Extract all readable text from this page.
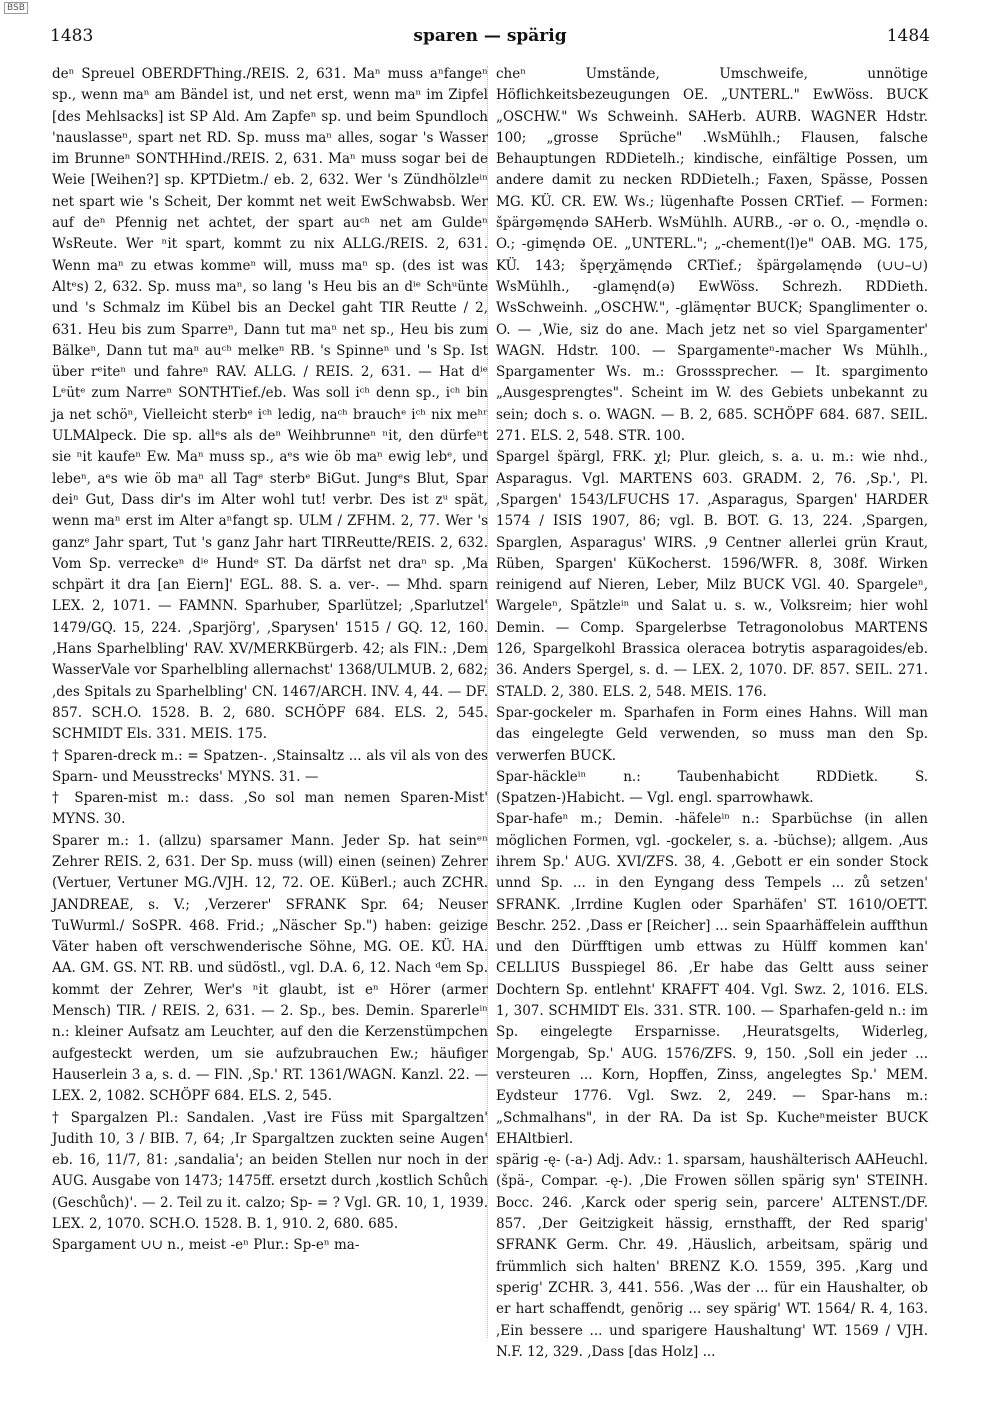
BSB
1483	sparen — spärig	1484

deⁿ Spreuel OBERDFThing./REIS. 2, 631. Maⁿ muss aⁿfangeⁿ sp., wenn maⁿ am Bändel ist, und net erst, wenn maⁿ im Zipfel [des Mehlsacks] ist SP Ald. Am Zapfeⁿ sp. und beim Spundloch 'nauslasseⁿ, spart net RD. Sp. muss maⁿ alles, sogar 's Wasser im Brunneⁿ SONTHHind./REIS. 2, 631. Maⁿ muss sogar bei de Weie [Weihen?] sp. KPTDietm./ eb. 2, 632. Wer 's Zündhölzleⁱⁿ net spart wie 's Scheit, Der kommt net weit EwSchwabsb. Wer auf deⁿ Pfennig net achtet, der spart auᶜʰ net am Guldeⁿ WsReute. Wer ⁿit spart, kommt zu nix ALLG./REIS. 2, 631. Wenn maⁿ zu etwas kommeⁿ will, muss maⁿ sp. (des ist was Altᵉs) 2, 632. Sp. muss maⁿ, so lang 's Heu bis an dⁱᵉ Schᵘünte und 's Schmalz im Kübel bis an Deckel gaht TIR Reutte / 2, 631. Heu bis zum Sparreⁿ, Dann tut maⁿ net sp., Heu bis zum Bälkeⁿ, Dann tut maⁿ auᶜʰ melkeⁿ RB. 's Spinneⁿ und 's Sp. Ist über rᵉiteⁿ und fahreⁿ RAV. ALLG. / REIS. 2, 631. — Hat dⁱᵉ Lᵉütᵉ zum Narreⁿ SONTHTief./eb. Was soll iᶜʰ denn sp., iᶜʰ bin ja net schöⁿ, Vielleicht sterbᵉ iᶜʰ ledig, naᶜʰ brauchᵉ iᶜʰ nix meʰʳ ULMAlpeck. Die sp. allᵉs als deⁿ Weihbrunneⁿ ⁿit, den dürfeⁿt sie ⁿit kaufeⁿ Ew. Maⁿ muss sp., aᵉs wie öb maⁿ ewig lebᵉ, und lebeⁿ, aᵉs wie öb maⁿ all Tagᵉ sterbᵉ BiGut. Jungᵉs Blut, Spar deiⁿ Gut, Dass dir's im Alter wohl tut! verbr. Des ist zᵘ spät, wenn maⁿ erst im Alter aⁿfangt sp. ULM / ZFHM. 2, 77. Wer 's ganzᵉ Jahr spart, Tut 's ganz Jahr hart TIRReutte/REIS. 2, 632. Vom Sp. verreckeⁿ dⁱᵉ Hundᵉ ST. Da därfst net draⁿ sp. ,Ma schpärt it dra [an Eiern]' EGL. 88. S. a. ver-. — Mhd. sparn LEX. 2, 1071. — FAMNN. Sparhuber, Sparlützel; ,Sparlutzel' 1479/GQ. 15, 224. ,Sparjörg', ,Sparysen' 1515 / GQ. 12, 160. ,Hans Sparhelbling' RAV. XV/MERKBürgerb. 42; als FlN.: ,Dem WasserVale vor Sparhelbling allernachst' 1368/ULMUB. 2, 682; ,des Spitals zu Sparhelbling' CN. 1467/ARCH. INV. 4, 44. — DF. 857. SCH.O. 1528. B. 2, 680. SCHÖPF 684. ELS. 2, 545. SCHMIDT Els. 331. MEIS. 175.

† Sparen-dreck m.: = Spatzen-. ,Stainsaltz ... als vil als von des Sparn- und Meusstrecks' MYNS. 31. —

† Sparen-mist m.: dass. ,So sol man nemen Sparen-Mist' MYNS. 30.

Sparer m.: 1. (allzu) sparsamer Mann. Jeder Sp. hat seinᵉⁿ Zehrer REIS. 2, 631. Der Sp. muss (will) einen (seinen) Zehrer (Vertuer, Vertuner MG./VJH. 12, 72. OE. KüBerl.; auch ZCHR. JANDREAE, s. V.; ,Verzerer' SFRANK Spr. 64; Neuser TuWurml./ SoSPR. 468. Frid.; „Näscher Sp.") haben: geizige Väter haben oft verschwenderische Söhne, MG. OE. KÜ. HA. AA. GM. GS. NT. RB. und südöstl., vgl. D.A. 6, 12. Nach ᵈem Sp. kommt der Zehrer, Wer's ⁿit glaubt, ist eⁿ Hörer (armer Mensch) TIR. / REIS. 2, 631. — 2. Sp., bes. Demin. Sparerleⁱⁿ n.: kleiner Aufsatz am Leuchter, auf den die Kerzenstümpchen aufgesteckt werden, um sie aufzubrauchen Ew.; häufiger Hauserlein 3 a, s. d. — FlN. ,Sp.' RT. 1361/WAGN. Kanzl. 22. — LEX. 2, 1082. SCHÖPF 684. ELS. 2, 545.

† Spargalzen Pl.: Sandalen. ,Vast ire Füss mit Spargaltzen' Judith 10, 3 / BIB. 7, 64; ,Ir Spargaltzen zuckten seine Augen' eb. 16, 11/7, 81: ,sandalia'; an beiden Stellen nur noch in der AUG. Ausgabe von 1473; 1475ff. ersetzt durch ,kostlich Schůch (Geschůch)'. — 2. Teil zu it. calzo; Sp- = ? Vgl. GR. 10, 1, 1939. LEX. 2, 1070. SCH.O. 1528. B. 1, 910. 2, 680. 685.

Spargament ∪∪ n., meist -eⁿ Plur.: Sp-eⁿ ma-

cheⁿ Umstände, Umschweife, unnötige Höflichkeitsbezeugungen OE. „UNTERL." EwWöss. BUCK „OSCHW." Ws Schweinh. SAHerb. AURB. WAGNER Hdstr. 100; „grosse Sprüche" .WsMühlh.; Flausen, falsche Behauptungen RDDietelh.; kindische, einfältige Possen, um andere damit zu necken RDDietelh.; Faxen, Spässe, Possen MG. KÜ. CR. EW. Ws.; lügenhafte Possen CRTief. — Formen: špärgəmęndə SAHerb. WsMühlh. AURB., -ər o. O., -męndlə o. O.; -gimęndə OE. „UNTERL."; „-chement(l)e" OAB. MG. 175, KÜ. 143; špęrχämęndə CRTief.; špärgəlamęndə (∪∪–∪) WsMühlh., -glamęnd(ə) EwWöss. Schrezh. RDDieth. WsSchweinh. „OSCHW.", -glämęntər BUCK; Spanglimenter o. O. — ,Wie, siz do ane. Mach jetz net so viel Spargamenter' WAGN. Hdstr. 100. — Spargamenteⁿ-macher Ws Mühlh., Spargamenter Ws. m.: Grosssprecher. — It. spargimento „Ausgesprengtes". Scheint im W. des Gebiets unbekannt zu sein; doch s. o. WAGN. — B. 2, 685. SCHÖPF 684. 687. SEIL. 271. ELS. 2, 548. STR. 100.

Spargel špärgl, FRK. χl; Plur. gleich, s. a. u. m.: wie nhd., Asparagus. Vgl. MARTENS 603. GRADM. 2, 76. ,Sp.', Pl. ,Spargen' 1543/LFUCHS 17. ,Asparagus, Spargen' HARDER 1574 / ISIS 1907, 86; vgl. B. BOT. G. 13, 224. ,Spargen, Sparglen, Asparagus' WIRS. ,9 Centner allerlei grün Kraut, Rüben, Spargen' KüKocherst. 1596/WFR. 8, 308f. Wirken reinigend auf Nieren, Leber, Milz BUCK VGl. 40. Spargeleⁿ, Wargeleⁿ, Spätzleⁱⁿ und Salat u. s. w., Volksreim; hier wohl Demin. — Comp. Spargelerbse Tetragonolobus MARTENS 126, Spargelkohl Brassica oleracea botrytis asparagoides/eb. 36. Anders Spergel, s. d. — LEX. 2, 1070. DF. 857. SEIL. 271. STALD. 2, 380. ELS. 2, 548. MEIS. 176.

Spar-gockeler m. Sparhafen in Form eines Hahns. Will man das eingelegte Geld verwenden, so muss man den Sp. verwerfen BUCK.

Spar-häckleⁱⁿ n.: Taubenhabicht RDDietk. S. (Spatzen-)Habicht. — Vgl. engl. sparrowhawk.

Spar-hafeⁿ m.; Demin. -häfeleⁱⁿ n.: Sparbüchse (in allen möglichen Formen, vgl. -gockeler, s. a. -büchse); allgem. ,Aus ihrem Sp.' AUG. XVI/ZFS. 38, 4. ,Gebott er ein sonder Stock unnd Sp. ... in den Eyngang dess Tempels ... zů setzen' SFRANK. ,Irrdine Kuglen oder Sparhäfen' ST. 1610/OETT. Beschr. 252. ,Dass er [Reicher] ... sein Spaarhäffelein auffthun und den Dürfftigen umb ettwas zu Hülff kommen kan' CELLIUS Busspiegel 86. ,Er habe das Geltt auss seiner Dochtern Sp. entlehnt' KRAFFT 404. Vgl. Swz. 2, 1016. ELS. 1, 307. SCHMIDT Els. 331. STR. 100. — Sparhafen-geld n.: im Sp. eingelegte Ersparnisse. ,Heuratsgelts, Widerleg, Morgengab, Sp.' AUG. 1576/ZFS. 9, 150. ,Soll ein jeder ... versteuren ... Korn, Hopffen, Zinss, angelegtes Sp.' MEM. Eydsteur 1776. Vgl. Swz. 2, 249. — Spar-hans m.: „Schmalhans", in der RA. Da ist Sp. Kucheⁿmeister BUCK EHAltbierl.

spärig -ę- (-a-) Adj. Adv.: 1. sparsam, haushälterisch AAHeuchl. (špä-, Compar. -ę-). ,Die Frowen söllen spärig syn' STEINH. Bocc. 246. ,Karck oder sperig sein, parcere' ALTENST./DF. 857. ,Der Geitzigkeit hässig, ernsthafft, der Red sparig' SFRANK Germ. Chr. 49. ,Häuslich, arbeitsam, spärig und frümmlich sich halten' BRENZ K.O. 1559, 395. ,Karg und sperig' ZCHR. 3, 441. 556. ,Was der ... für ein Haushalter, ob er hart schaffendt, genörig ... sey spärig' WT. 1564/ R. 4, 163. ,Ein bessere ... und sparigere Haushaltung' WT. 1569 / VJH. N.F. 12, 329. ,Dass [das Holz] ...
